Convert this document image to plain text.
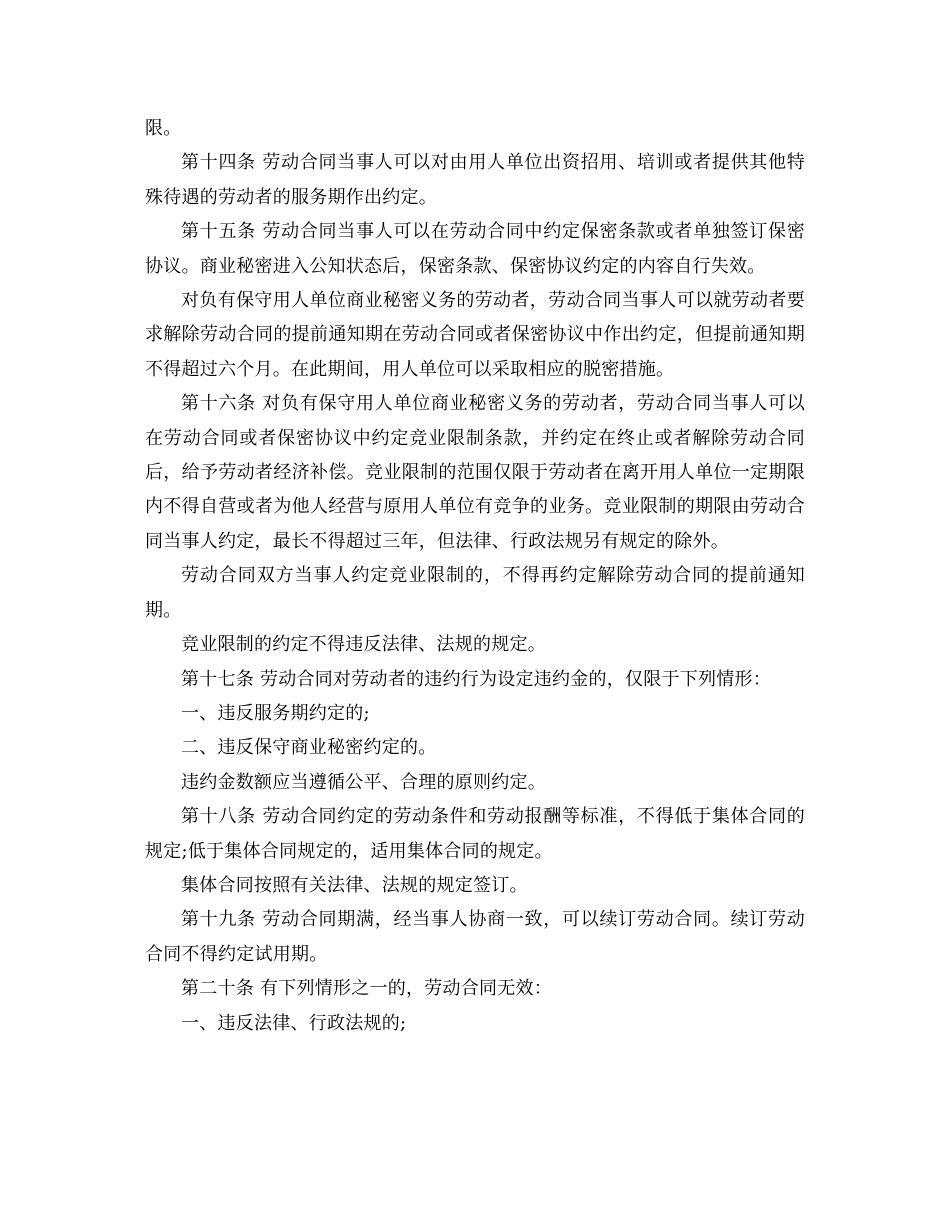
限。

第十四条 劳动合同当事人可以对由用人单位出资招用、培训或者提供其他特殊待遇的劳动者的服务期作出约定。

第十五条 劳动合同当事人可以在劳动合同中约定保密条款或者单独签订保密协议。商业秘密进入公知状态后，保密条款、保密协议约定的内容自行失效。

对负有保守用人单位商业秘密义务的劳动者，劳动合同当事人可以就劳动者要求解除劳动合同的提前通知期在劳动合同或者保密协议中作出约定，但提前通知期不得超过六个月。在此期间，用人单位可以采取相应的脱密措施。

第十六条 对负有保守用人单位商业秘密义务的劳动者，劳动合同当事人可以在劳动合同或者保密协议中约定竞业限制条款，并约定在终止或者解除劳动合同后，给予劳动者经济补偿。竞业限制的范围仅限于劳动者在离开用人单位一定期限内不得自营或者为他人经营与原用人单位有竞争的业务。竞业限制的期限由劳动合同当事人约定，最长不得超过三年，但法律、行政法规另有规定的除外。

劳动合同双方当事人约定竞业限制的，不得再约定解除劳动合同的提前通知期。

竞业限制的约定不得违反法律、法规的规定。

第十七条 劳动合同对劳动者的违约行为设定违约金的，仅限于下列情形：

一、违反服务期约定的;

二、违反保守商业秘密约定的。

违约金数额应当遵循公平、合理的原则约定。

第十八条 劳动合同约定的劳动条件和劳动报酬等标准，不得低于集体合同的规定;低于集体合同规定的，适用集体合同的规定。

集体合同按照有关法律、法规的规定签订。

第十九条 劳动合同期满，经当事人协商一致，可以续订劳动合同。续订劳动合同不得约定试用期。

第二十条 有下列情形之一的，劳动合同无效：

一、违反法律、行政法规的;
